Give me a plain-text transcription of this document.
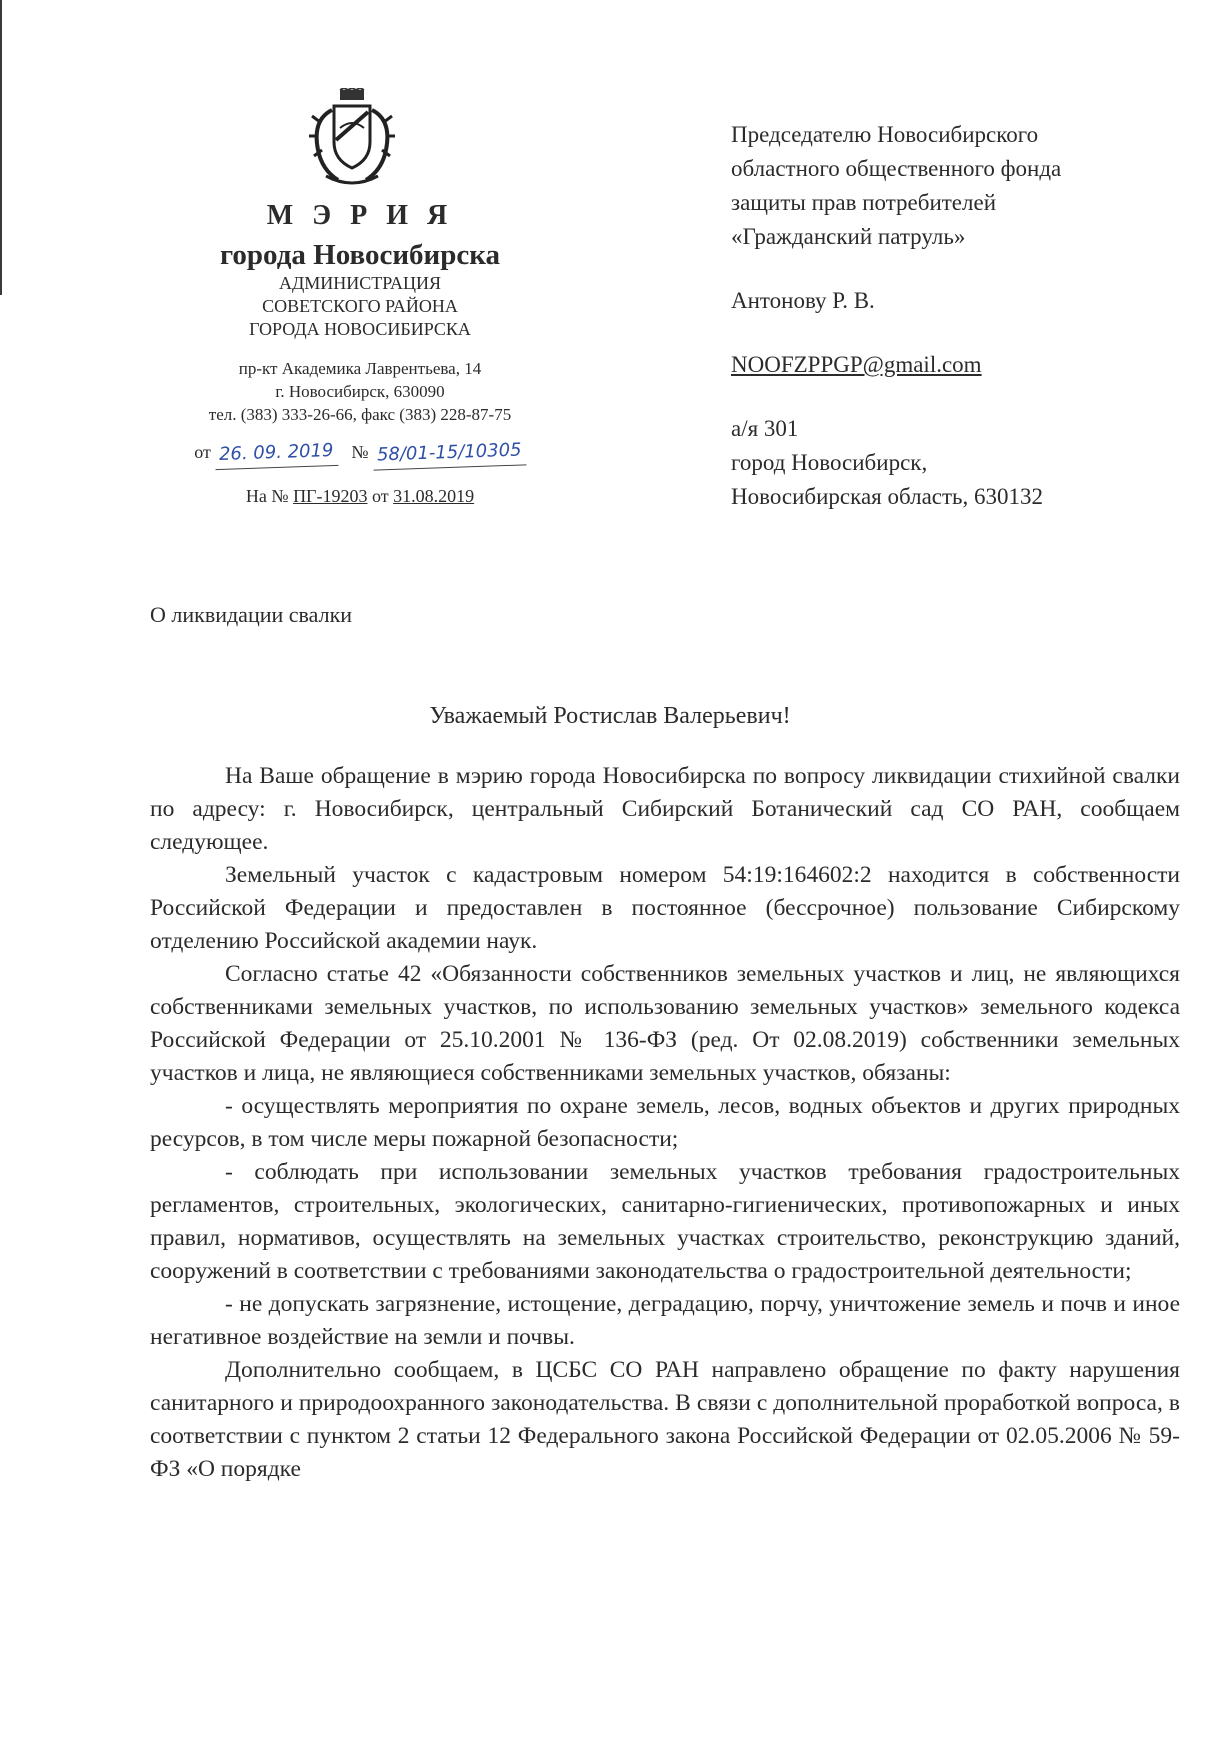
М Э Р И Я
города Новосибирска
АДМИНИСТРАЦИЯ
СОВЕТСКОГО РАЙОНА
ГОРОДА НОВОСИБИРСКА
пр-кт Академика Лаврентьева, 14
г. Новосибирск, 630090
тел. (383) 333-26-66, факс (383) 228-87-75
от 26. 09. 2019 № 58/01-15/10305
На № ПГ-19203 от 31.08.2019

Председателю Новосибирского

областного общественного фонда

защиты прав потребителей

«Гражданский патруль»

Антонову Р. В.

NOOFZPPGP@gmail.com

а/я 301

город Новосибирск,

Новосибирская область, 630132

О ликвидации свалки
Уважаемый Ростислав Валерьевич!

На Ваше обращение в мэрию города Новосибирска по вопросу ликвидации стихийной свалки по адресу: г. Новосибирск, центральный Сибирский Ботанический сад СО РАН, сообщаем следующее.

Земельный участок с кадастровым номером 54:19:164602:2 находится в собственности Российской Федерации и предоставлен в постоянное (бессрочное) пользование Сибирскому отделению Российской академии наук.

Согласно статье 42 «Обязанности собственников земельных участков и лиц, не являющихся собственниками земельных участков, по использованию земельных участков» земельного кодекса Российской Федерации от 25.10.2001 № 136-ФЗ (ред. От 02.08.2019) собственники земельных участков и лица, не являющиеся собственниками земельных участков, обязаны:

- осуществлять мероприятия по охране земель, лесов, водных объектов и других природных ресурсов, в том числе меры пожарной безопасности;

- соблюдать при использовании земельных участков требования градостроительных регламентов, строительных, экологических, санитарно-гигиенических, противопожарных и иных правил, нормативов, осуществлять на земельных участках строительство, реконструкцию зданий, сооружений в соответствии с требованиями законодательства о градостроительной деятельности;

- не допускать загрязнение, истощение, деградацию, порчу, уничтожение земель и почв и иное негативное воздействие на земли и почвы.

Дополнительно сообщаем, в ЦСБС СО РАН направлено обращение по факту нарушения санитарного и природоохранного законодательства. В связи с дополнительной проработкой вопроса, в соответствии с пунктом 2 статьи 12 Федерального закона Российской Федерации от 02.05.2006 № 59-ФЗ «О порядке
